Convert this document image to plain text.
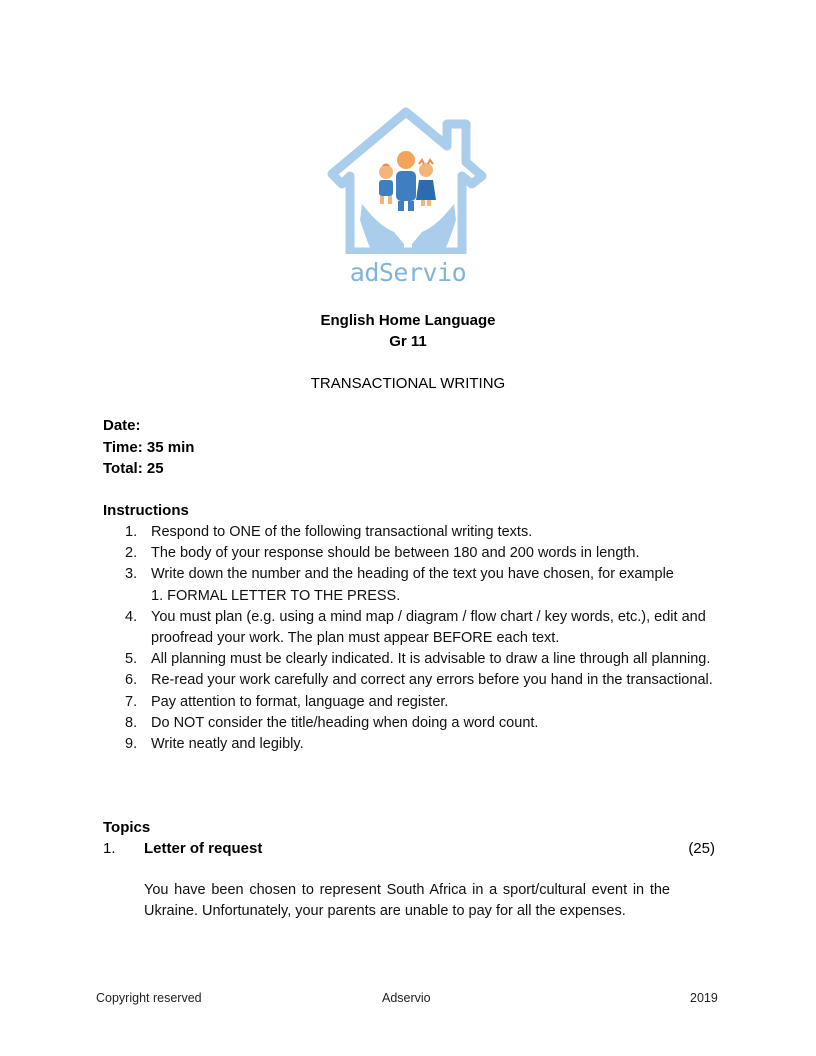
adServio
English Home Language
Gr 11
TRANSACTIONAL WRITING
Date:
Time: 35 min
Total: 25
Instructions
1. Respond to ONE of the following transactional writing texts.
2. The body of your response should be between 180 and 200 words in length.
3. Write down the number and the heading of the text you have chosen, for example 1. FORMAL LETTER TO THE PRESS.
4. You must plan (e.g. using a mind map / diagram / flow chart / key words, etc.), edit and proofread your work. The plan must appear BEFORE each text.
5. All planning must be clearly indicated. It is advisable to draw a line through all planning.
6. Re-read your work carefully and correct any errors before you hand in the transactional.
7. Pay attention to format, language and register.
8. Do NOT consider the title/heading when doing a word count.
9. Write neatly and legibly.
Topics
1. Letter of request	(25)
You have been chosen to represent South Africa in a sport/cultural event in the Ukraine. Unfortunately, your parents are unable to pay for all the expenses.
Copyright reserved	Adservio	2019
